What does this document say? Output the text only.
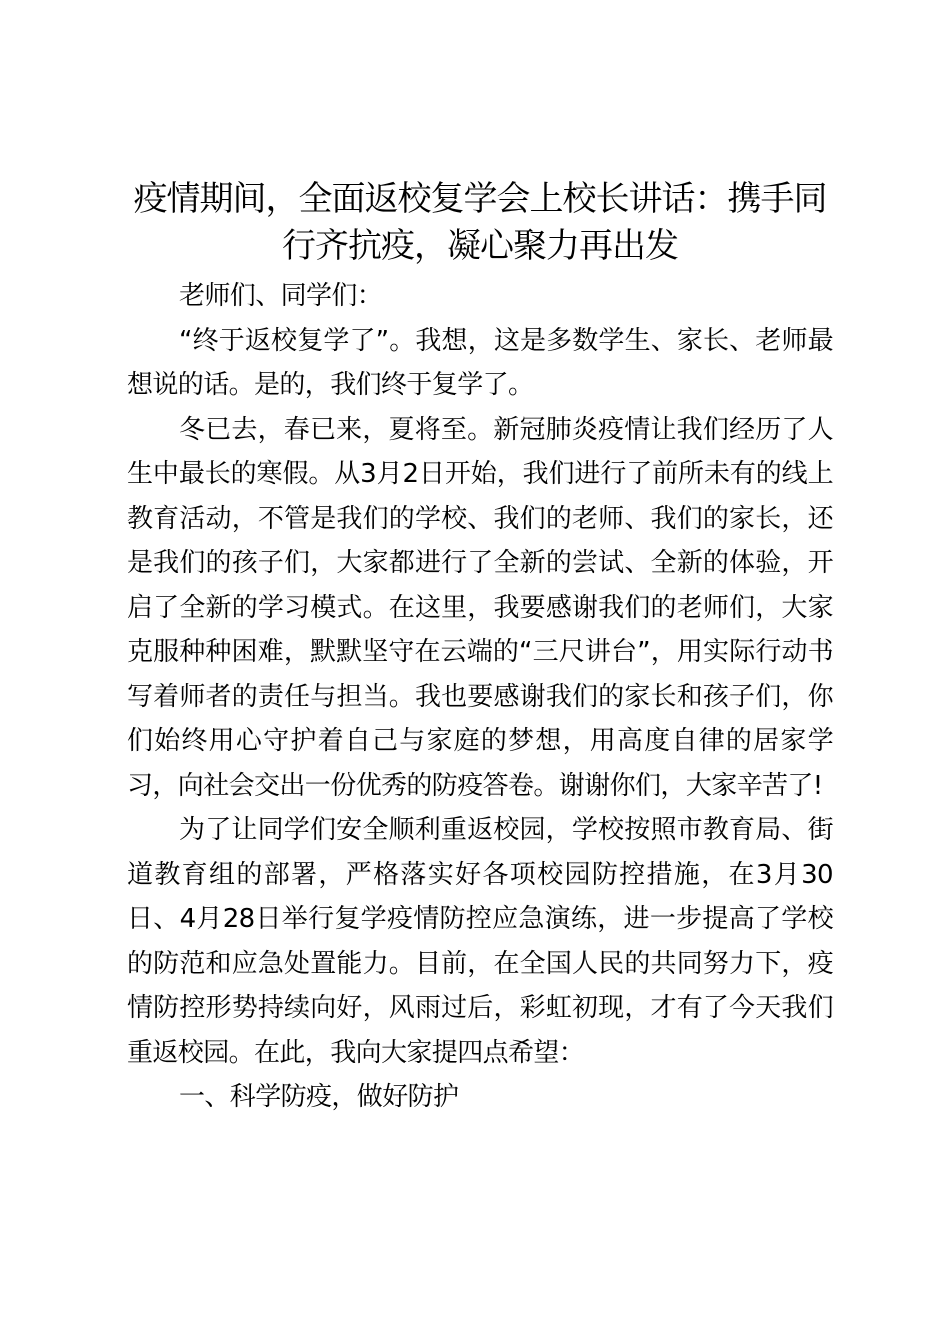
疫情期间，全面返校复学会上校长讲话：携手同行齐抗疫，凝心聚力再出发

老师们、同学们：

“终于返校复学了”。我想，这是多数学生、家长、老师最想说的话。是的，我们终于复学了。

冬已去，春已来，夏将至。新冠肺炎疫情让我们经历了人生中最长的寒假。从3月2日开始，我们进行了前所未有的线上教育活动，不管是我们的学校、我们的老师、我们的家长，还是我们的孩子们，大家都进行了全新的尝试、全新的体验，开启了全新的学习模式。在这里，我要感谢我们的老师们，大家克服种种困难，默默坚守在云端的“三尺讲台”，用实际行动书写着师者的责任与担当。我也要感谢我们的家长和孩子们，你们始终用心守护着自己与家庭的梦想，用高度自律的居家学习，向社会交出一份优秀的防疫答卷。谢谢你们，大家辛苦了!

为了让同学们安全顺利重返校园，学校按照市教育局、街道教育组的部署，严格落实好各项校园防控措施，在3月30日、4月28日举行复学疫情防控应急演练，进一步提高了学校的防范和应急处置能力。目前，在全国人民的共同努力下，疫情防控形势持续向好，风雨过后，彩虹初现，才有了今天我们重返校园。在此，我向大家提四点希望：

一、科学防疫，做好防护
